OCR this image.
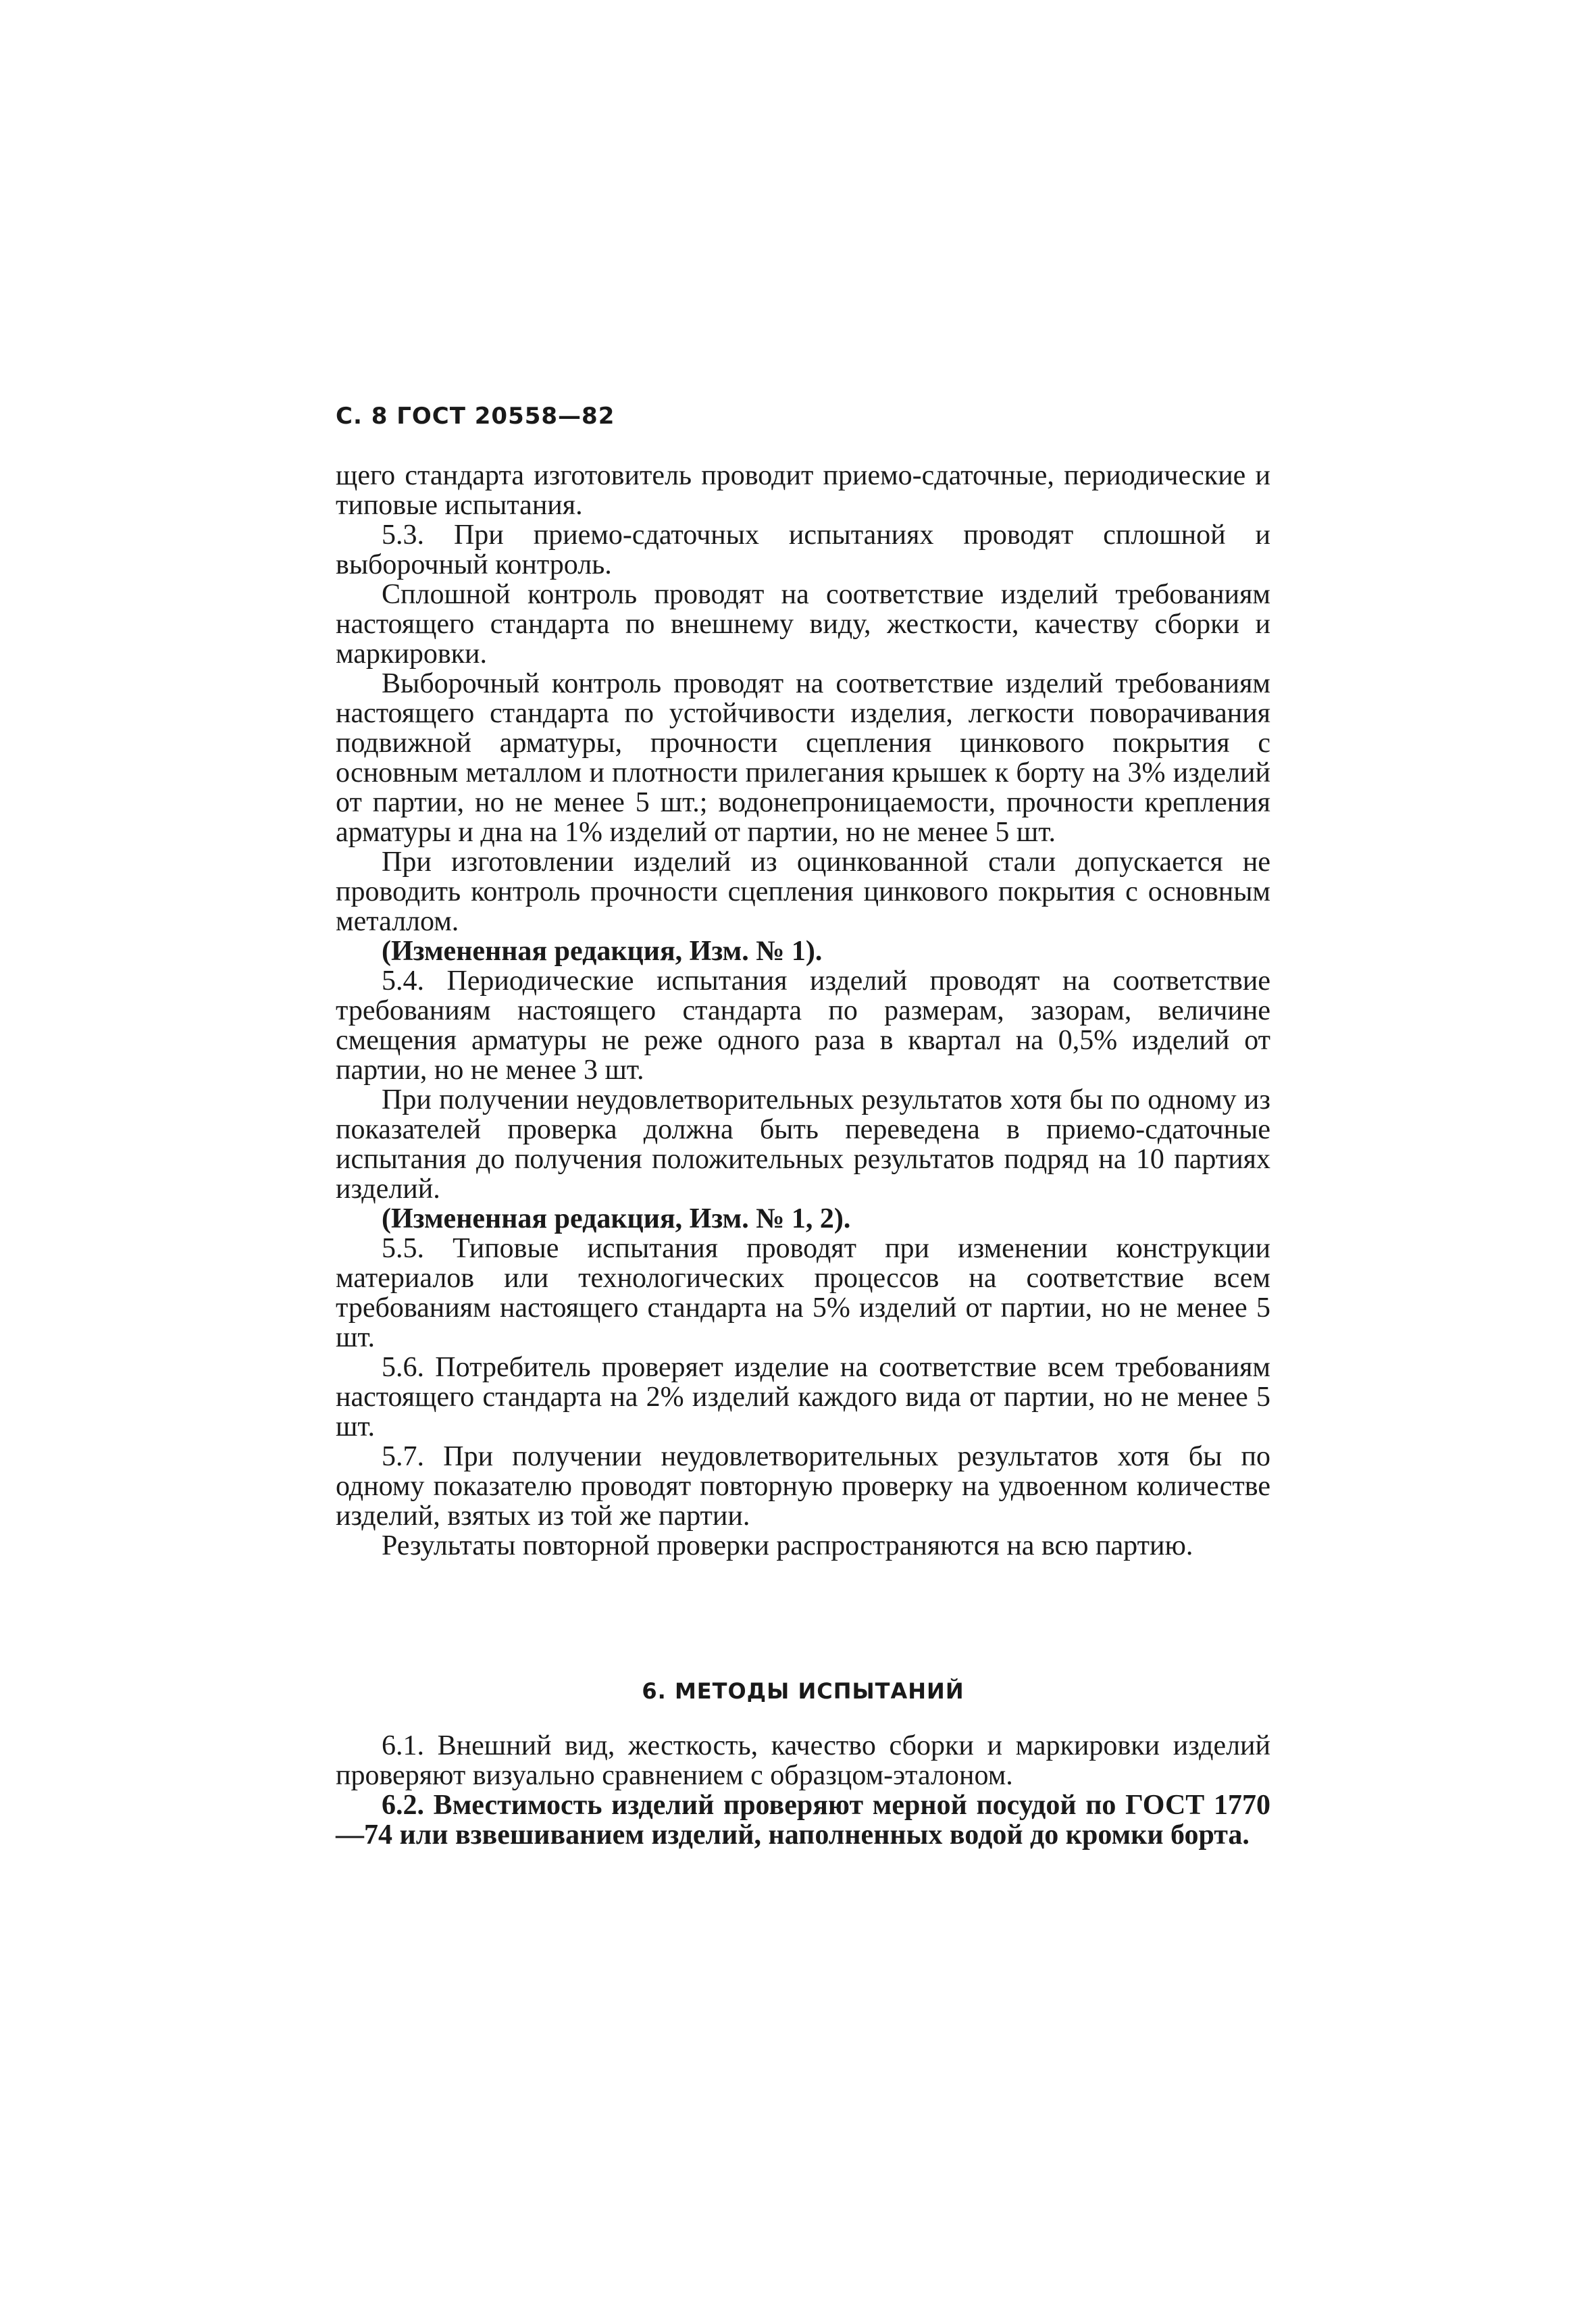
С. 8 ГОСТ 20558—82

щего стандарта изготовитель проводит приемо-сдаточные, периодические и типовые испытания.

5.3. При приемо-сдаточных испытаниях проводят сплошной и выборочный контроль.

Сплошной контроль проводят на соответствие изделий требованиям настоящего стандарта по внешнему виду, жесткости, качеству сборки и маркировки.

Выборочный контроль проводят на соответствие изделий требованиям настоящего стандарта по устойчивости изделия, легкости поворачивания подвижной арматуры, прочности сцепления цинкового покрытия с основным металлом и плотности прилегания крышек к борту на 3% изделий от партии, но не менее 5 шт.; водонепроницаемости, прочности крепления арматуры и дна на 1% изделий от партии, но не менее 5 шт.

При изготовлении изделий из оцинкованной стали допускается не проводить контроль прочности сцепления цинкового покрытия с основным металлом.

(Измененная редакция, Изм. № 1).

5.4. Периодические испытания изделий проводят на соответствие требованиям настоящего стандарта по размерам, зазорам, величине смещения арматуры не реже одного раза в квартал на 0,5% изделий от партии, но не менее 3 шт.

При получении неудовлетворительных результатов хотя бы по одному из показателей проверка должна быть переведена в приемо-сдаточные испытания до получения положительных результатов подряд на 10 партиях изделий.

(Измененная редакция, Изм. № 1, 2).

5.5. Типовые испытания проводят при изменении конструкции материалов или технологических процессов на соответствие всем требованиям настоящего стандарта на 5% изделий от партии, но не менее 5 шт.

5.6. Потребитель проверяет изделие на соответствие всем требованиям настоящего стандарта на 2% изделий каждого вида от партии, но не менее 5 шт.

5.7. При получении неудовлетворительных результатов хотя бы по одному показателю проводят повторную проверку на удвоенном количестве изделий, взятых из той же партии.

Результаты повторной проверки распространяются на всю партию.

6. МЕТОДЫ ИСПЫТАНИЙ

6.1. Внешний вид, жесткость, качество сборки и маркировки изделий проверяют визуально сравнением с образцом-эталоном.

6.2. Вместимость изделий проверяют мерной посудой по ГОСТ 1770—74 или взвешиванием изделий, наполненных водой до кромки борта.
